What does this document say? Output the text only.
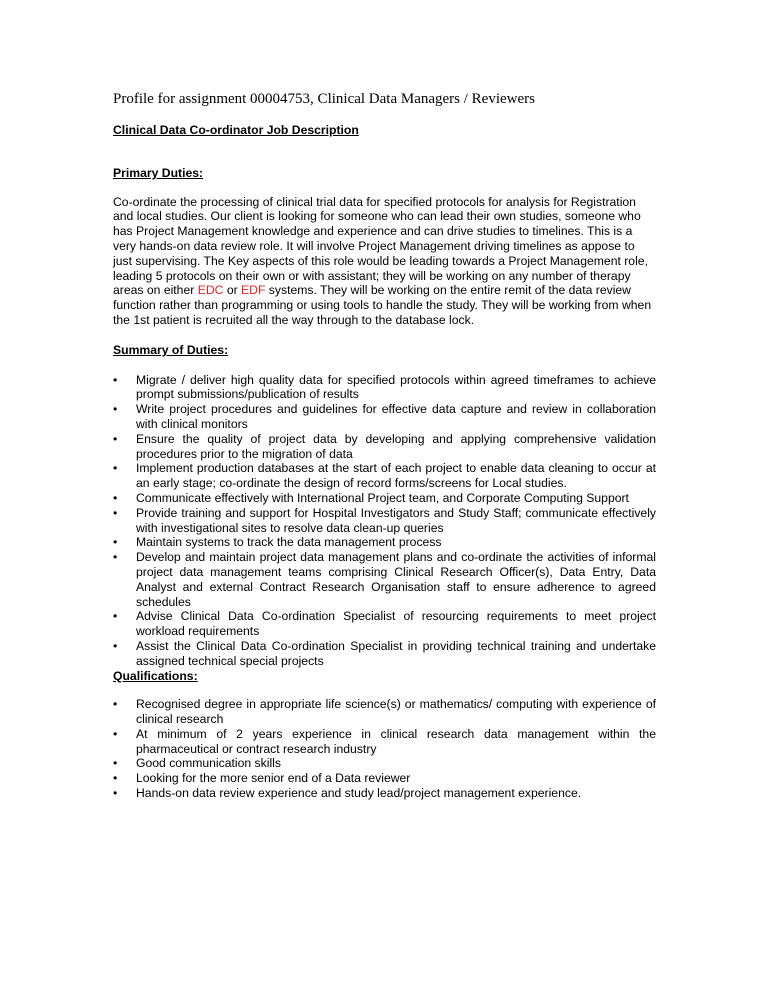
Profile for assignment 00004753, Clinical Data Managers / Reviewers

Clinical Data Co-ordinator Job Description

Primary Duties:

Co-ordinate the processing of clinical trial data for specified protocols for analysis for Registration and local studies. Our client is looking for someone who can lead their own studies, someone who has Project Management knowledge and experience and can drive studies to timelines. This is a very hands-on data review role. It will involve Project Management driving timelines as appose to just supervising. The Key aspects of this role would be leading towards a Project Management role, leading 5 protocols on their own or with assistant; they will be working on any number of therapy areas on either EDC or EDF systems. They will be working on the entire remit of the data review function rather than programming or using tools to handle the study. They will be working from when the 1st patient is recruited all the way through to the database lock.

Summary of Duties:

• Migrate / deliver high quality data for specified protocols within agreed timeframes to achieve prompt submissions/publication of results
• Write project procedures and guidelines for effective data capture and review in collaboration with clinical monitors
• Ensure the quality of project data by developing and applying comprehensive validation procedures prior to the migration of data
• Implement production databases at the start of each project to enable data cleaning to occur at an early stage; co-ordinate the design of record forms/screens for Local studies.
• Communicate effectively with International Project team, and Corporate Computing Support
• Provide training and support for Hospital Investigators and Study Staff; communicate effectively with investigational sites to resolve data clean-up queries
• Maintain systems to track the data management process
• Develop and maintain project data management plans and co-ordinate the activities of informal project data management teams comprising Clinical Research Officer(s), Data Entry, Data Analyst and external Contract Research Organisation staff to ensure adherence to agreed schedules
• Advise Clinical Data Co-ordination Specialist of resourcing requirements to meet project workload requirements
• Assist the Clinical Data Co-ordination Specialist in providing technical training and undertake assigned technical special projects

Qualifications:

• Recognised degree in appropriate life science(s) or mathematics/ computing with experience of clinical research
• At minimum of 2 years experience in clinical research data management within the pharmaceutical or contract research industry
• Good communication skills
• Looking for the more senior end of a Data reviewer
• Hands-on data review experience and study lead/project management experience.
